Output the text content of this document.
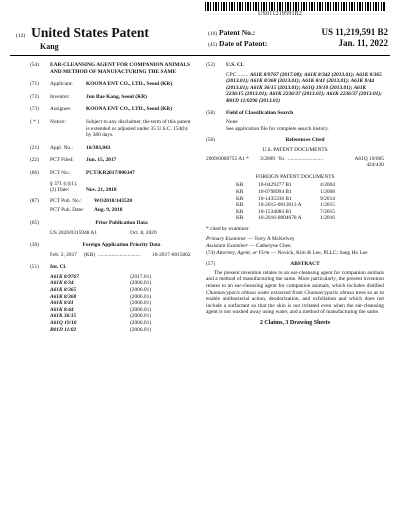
US011219591B2
(12) United States Patent
Kang
(10) Patent No.:	US 11,219,591 B2
(45) Date of Patent:	Jan. 11, 2022
(54)	EAR-CLEANSING AGENT FOR COMPANION ANIMALS AND METHOD OF MANUFACTURING THE SAME
(71)	Applicant:	KOONA ENT CO., LTD., Seoul (KR)
(72)	Inventor:	Jun Bae Kang, Seoul (KR)
(73)	Assignee:	KOONA ENT CO., LTD., Seoul (KR)
( * )	Notice:	Subject to any disclaimer, the term of this patent is extended or adjusted under 35 U.S.C. 154(b) by 380 days.
(21)	Appl. No.:	16/303,843
(22)	PCT Filed:	Jun. 15, 2017
(86)	PCT No.:	PCT/KR2017/006347
§ 371 (c)(1),
(2) Date:	Nov. 21, 2018
(87)	PCT Pub. No.:	WO2018/143520
PCT Pub. Date:	Aug. 9, 2018
(65)	Prior Publication Data
US 2020/0315948 A1	Oct. 8, 2020
(30)	Foreign Application Priority Data
Feb. 2, 2017	(KR) ................................	10-2017-0015062
(51)	Int. Cl.
A61K 8/9767	(2017.01)
A61K 8/34	(2006.01)
A61K 8/365	(2006.01)
A61K 8/368	(2006.01)
A61K 8/41	(2006.01)
A61K 8/44	(2006.01)
A61K 36/15	(2006.01)
A61Q 19/10	(2006.01)
B01D 11/02	(2006.01)
(52)	U.S. Cl.
CPC ........ A61K 8/9767 (2017.08); A61K 8/342 (2013.01); A61K 8/365 (2013.01); A61K 8/368 (2013.01); A61K 8/41 (2013.01); A61K 8/44 (2013.01); A61K 36/15 (2013.01); A61Q 19/10 (2013.01); A61K 2236/15 (2013.01); A61K 2236/37 (2013.01); A61K 2236/37 (2013.01); B01D 11/0296 (2013.01)
(58)	Field of Classification Search
None
See application file for complete search history.
(56)	References Cited
U.S. PATENT DOCUMENTS
2009/0068755 A1 *	3/2009 Yu ..........................	A61Q 19/005
424/430
FOREIGN PATENT DOCUMENTS
KR	10-0429277 B1	4/2004
KR	10-0798994 B1	1/2008
KR	10-1435336 B1	9/2014
KR	10-2015-0013013 A	1/2015
KR	10-1534084 B1	7/2015
KR	10-2016-0004678 A	1/2016
* cited by examiner
Primary Examiner — Terry A McKelvey
Assistant Examiner — Catheryne Chen
(74) Attorney, Agent, or Firm — Novick, Kim & Lee, PLLC; Sang Ho Lee
(57)	ABSTRACT
The present invention relates to an ear-cleansing agent for companion animals and a method of manufacturing the same. More particularly, the present invention relates to an ear-cleansing agent for companion animals, which includes distilled Chamaecyparis obtusa water extracted from Chamaecyparis obtusa trees so as to enable antibacterial action, deodorization, and exfoliation and which does not include a surfactant so that the skin is not irritated even when the ear-cleansing agent is not washed away using water, and a method of manufacturing the same.
2 Claims, 3 Drawing Sheets
